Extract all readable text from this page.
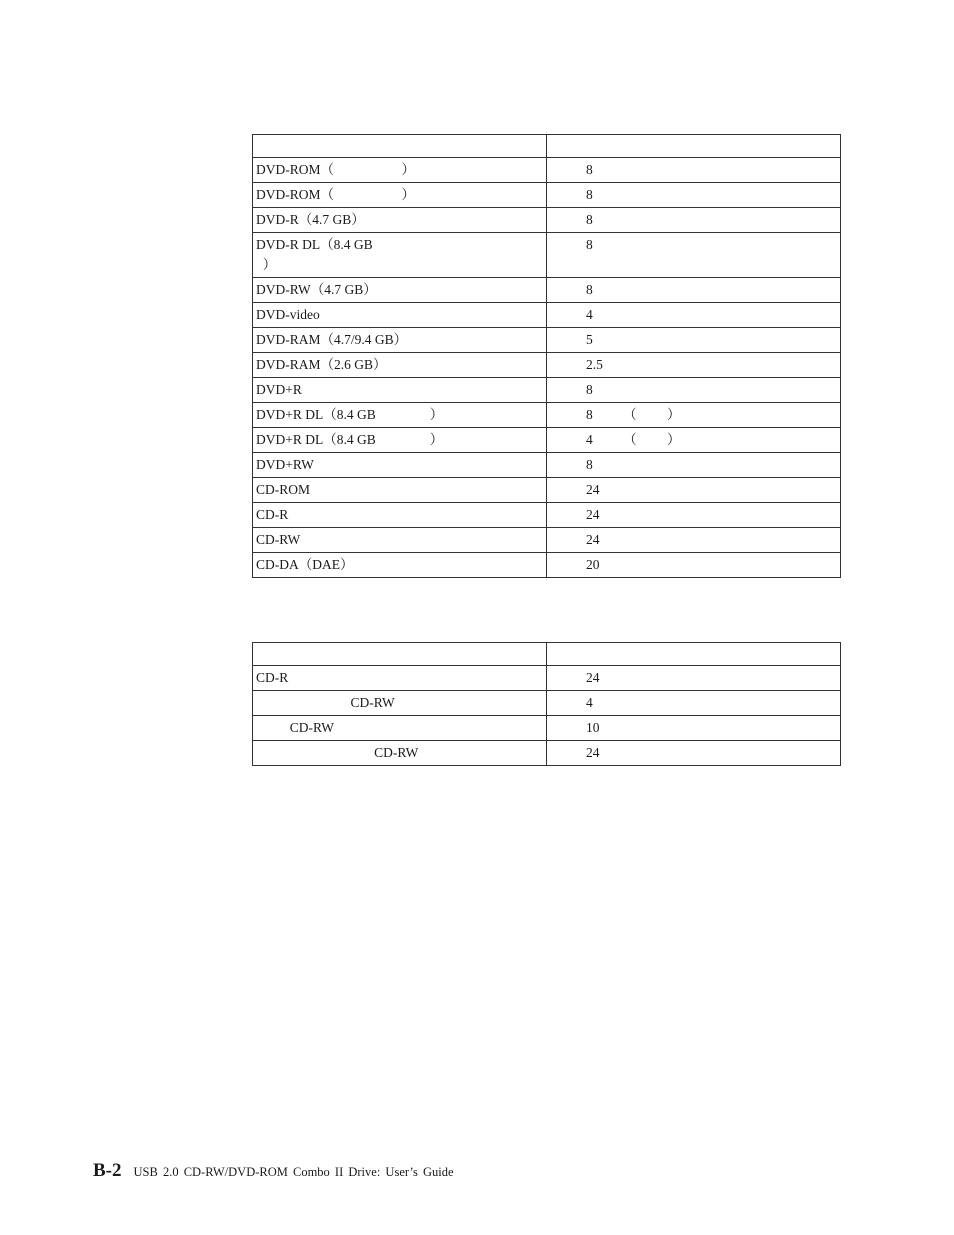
DVD-ROM（                    ）	8

DVD-ROM（                    ）	8

DVD-R（4.7 GB）	8

DVD-R DL（8.4 GB
）	8

DVD-RW（4.7 GB）	8

DVD-video	4

DVD-RAM（4.7/9.4 GB）	5

DVD-RAM（2.6 GB）	2.5

DVD+R	8

DVD+R DL（8.4 GB                ）	8         （         ）

DVD+R DL（8.4 GB                ）	4         （         ）

DVD+RW	8

CD-ROM	24

CD-R	24

CD-RW	24

CD-DA（DAE）	20

CD-R	24

CD-RW	4

CD-RW	10

CD-RW	24
B-2 USB 2.0 CD-RW/DVD-ROM Combo II Drive: User’s Guide
